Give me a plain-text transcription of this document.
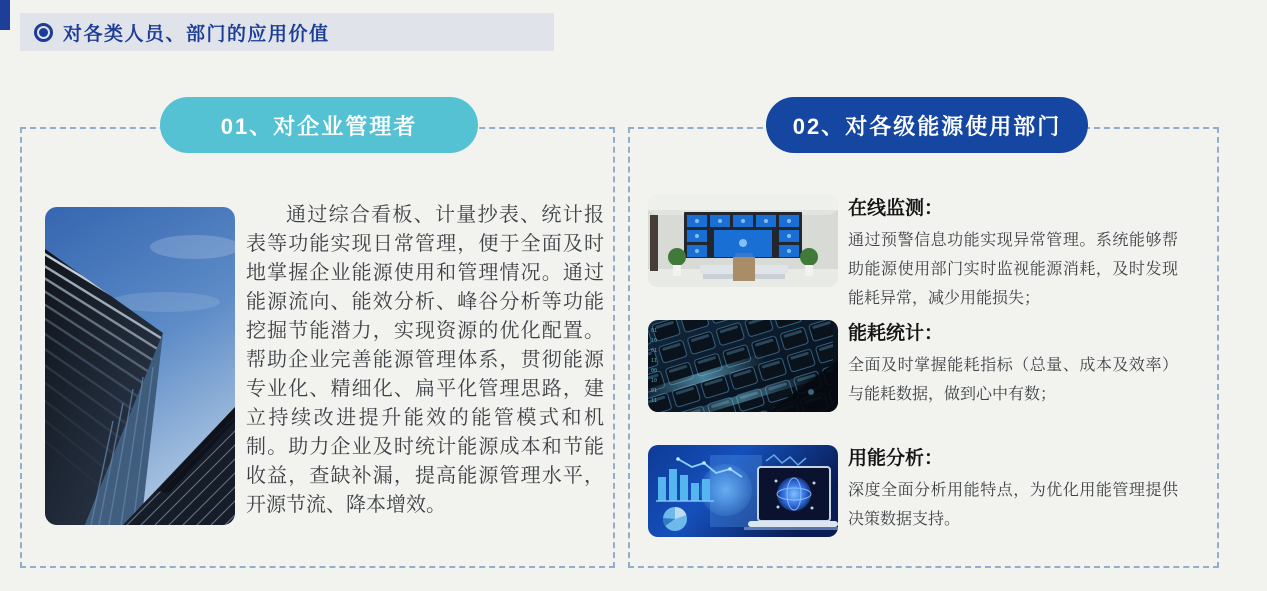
对各类人员、部门的应用价值
01、对企业管理者
通过综合看板、计量抄表、统计报表等功能实现日常管理，便于全面及时地掌握企业能源使用和管理情况。通过能源流向、能效分析、峰谷分析等功能挖掘节能潜力，实现资源的优化配置。帮助企业完善能源管理体系，贯彻能源专业化、精细化、扁平化管理思路，建立持续改进提升能效的能管模式和机制。助力企业及时统计能源成本和节能收益，查缺补漏，提高能源管理水平，开源节流、降本增效。
02、对各级能源使用部门
在线监测：
通过预警信息功能实现异常管理。系统能够帮助能源使用部门实时监视能源消耗，及时发现能耗异常，减少用能损失；
01
10
01
11
00
10
01
11
能耗统计：
全面及时掌握能耗指标（总量、成本及效率）与能耗数据，做到心中有数；
用能分析：
深度全面分析用能特点，为优化用能管理提供决策数据支持。
